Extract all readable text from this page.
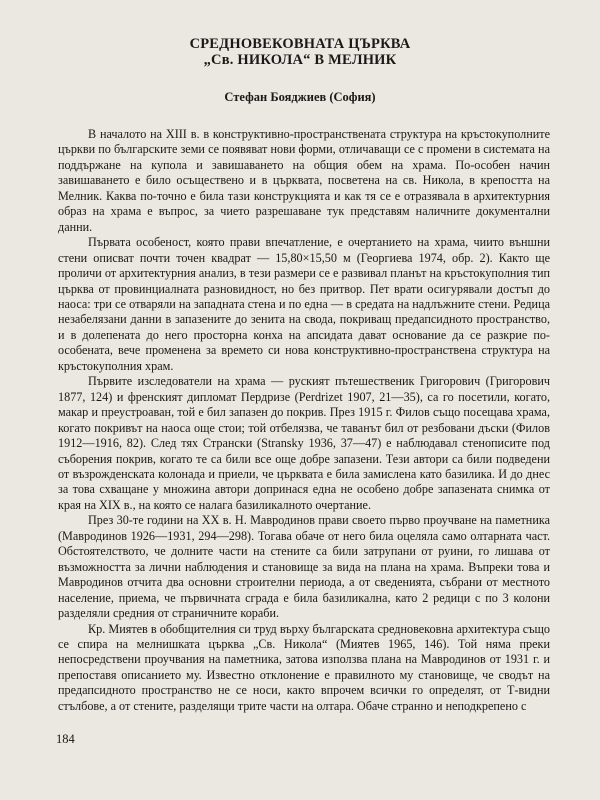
СРЕДНОВЕКОВНАТА ЦЪРКВА
„Св. НИКОЛА“ В МЕЛНИК
Стефан Бояджиев (София)

В началото на XIII в. в конструктивно-пространствената структура на кръстокуполните църкви по българските земи се появяват нови форми, отличаващи се с промени в системата на поддържане на купола и завишаването на общия обем на храма. По-особен начин завишаването е било осъществено и в църквата, посветена на св. Никола, в крепостта на Мелник. Каква по-точно е била тази конструкцията и как тя се е отразявала в архитектурния образ на храма е въпрос, за чието разрешаване тук представям наличните документални данни.

Първата особеност, която прави впечатление, е очертанието на храма, чиито външни стени описват почти точен квадрат — 15,80×15,50 м (Георгиева 1974, обр. 2). Както ще проличи от архитектурния анализ, в тези размери се е развивал планът на кръстокуполния тип църква от провинциалната разновидност, но без притвор. Пет врати осигурявали достъп до наоса: три се отваряли на западната стена и по една — в средата на надлъжните стени. Редица незабелязани данни в запазените до зенита на свода, покриващ предапсидното пространство, и в долепената до него просторна конха на апсидата дават основание да се разкрие по-особената, вече променена за времето си нова конструктивно-пространствена структура на кръстокуполния храм.

Първите изследователи на храма — руският пътешественик Григорович (Григорович 1877, 124) и френският дипломат Пердризе (Perdrizet 1907, 21—35), са го посетили, когато, макар и преустроаван, той е бил запазен до покрив. През 1915 г. Филов също посещава храма, когато покривът на наоса още стои; той отбелязва, че таванът бил от резбовани дъски (Филов 1912—1916, 82). След тях Странски (Stransky 1936, 37—47) е наблюдавал стенописите под съборения покрив, когато те са били все още добре запазени. Тези автори са били подведени от възрожденската колонада и приели, че църквата е била замислена като базилика. И до днес за това схващане у множина автори допринася една не особено добре запазената снимка от края на XIX в., на която се налага базиликалното очертание.

През 30-те години на XX в. Н. Мавродинов прави своето първо проучване на паметника (Мавродинов 1926—1931, 294—298). Тогава обаче от него била оцеляла само олтарната част. Обстоятелството, че долните части на стените са били затрупани от руини, го лишава от възможността за лични наблюдения и становище за вида на плана на храма. Въпреки това и Мавродинов отчита два основни строителни периода, а от сведенията, събрани от местното население, приема, че първичната сграда е била базиликална, като 2 редици с по 3 колони разделяли средния от страничните кораби.

Кр. Миятев в обобщителния си труд върху българската средновековна архитектура също се спира на мелнишката църква „Св. Никола“ (Миятев 1965, 146). Той няма преки непосредствени проучвания на паметника, затова използва плана на Мавродинов от 1931 г. и препоставя описанието му. Известно отклонение е правилното му становище, че сводът на предапсидното пространство не се носи, както впрочем всички го определят, от Т-видни стълбове, а от стените, разделящи трите части на олтара. Обаче странно и неподкрепено с

184
